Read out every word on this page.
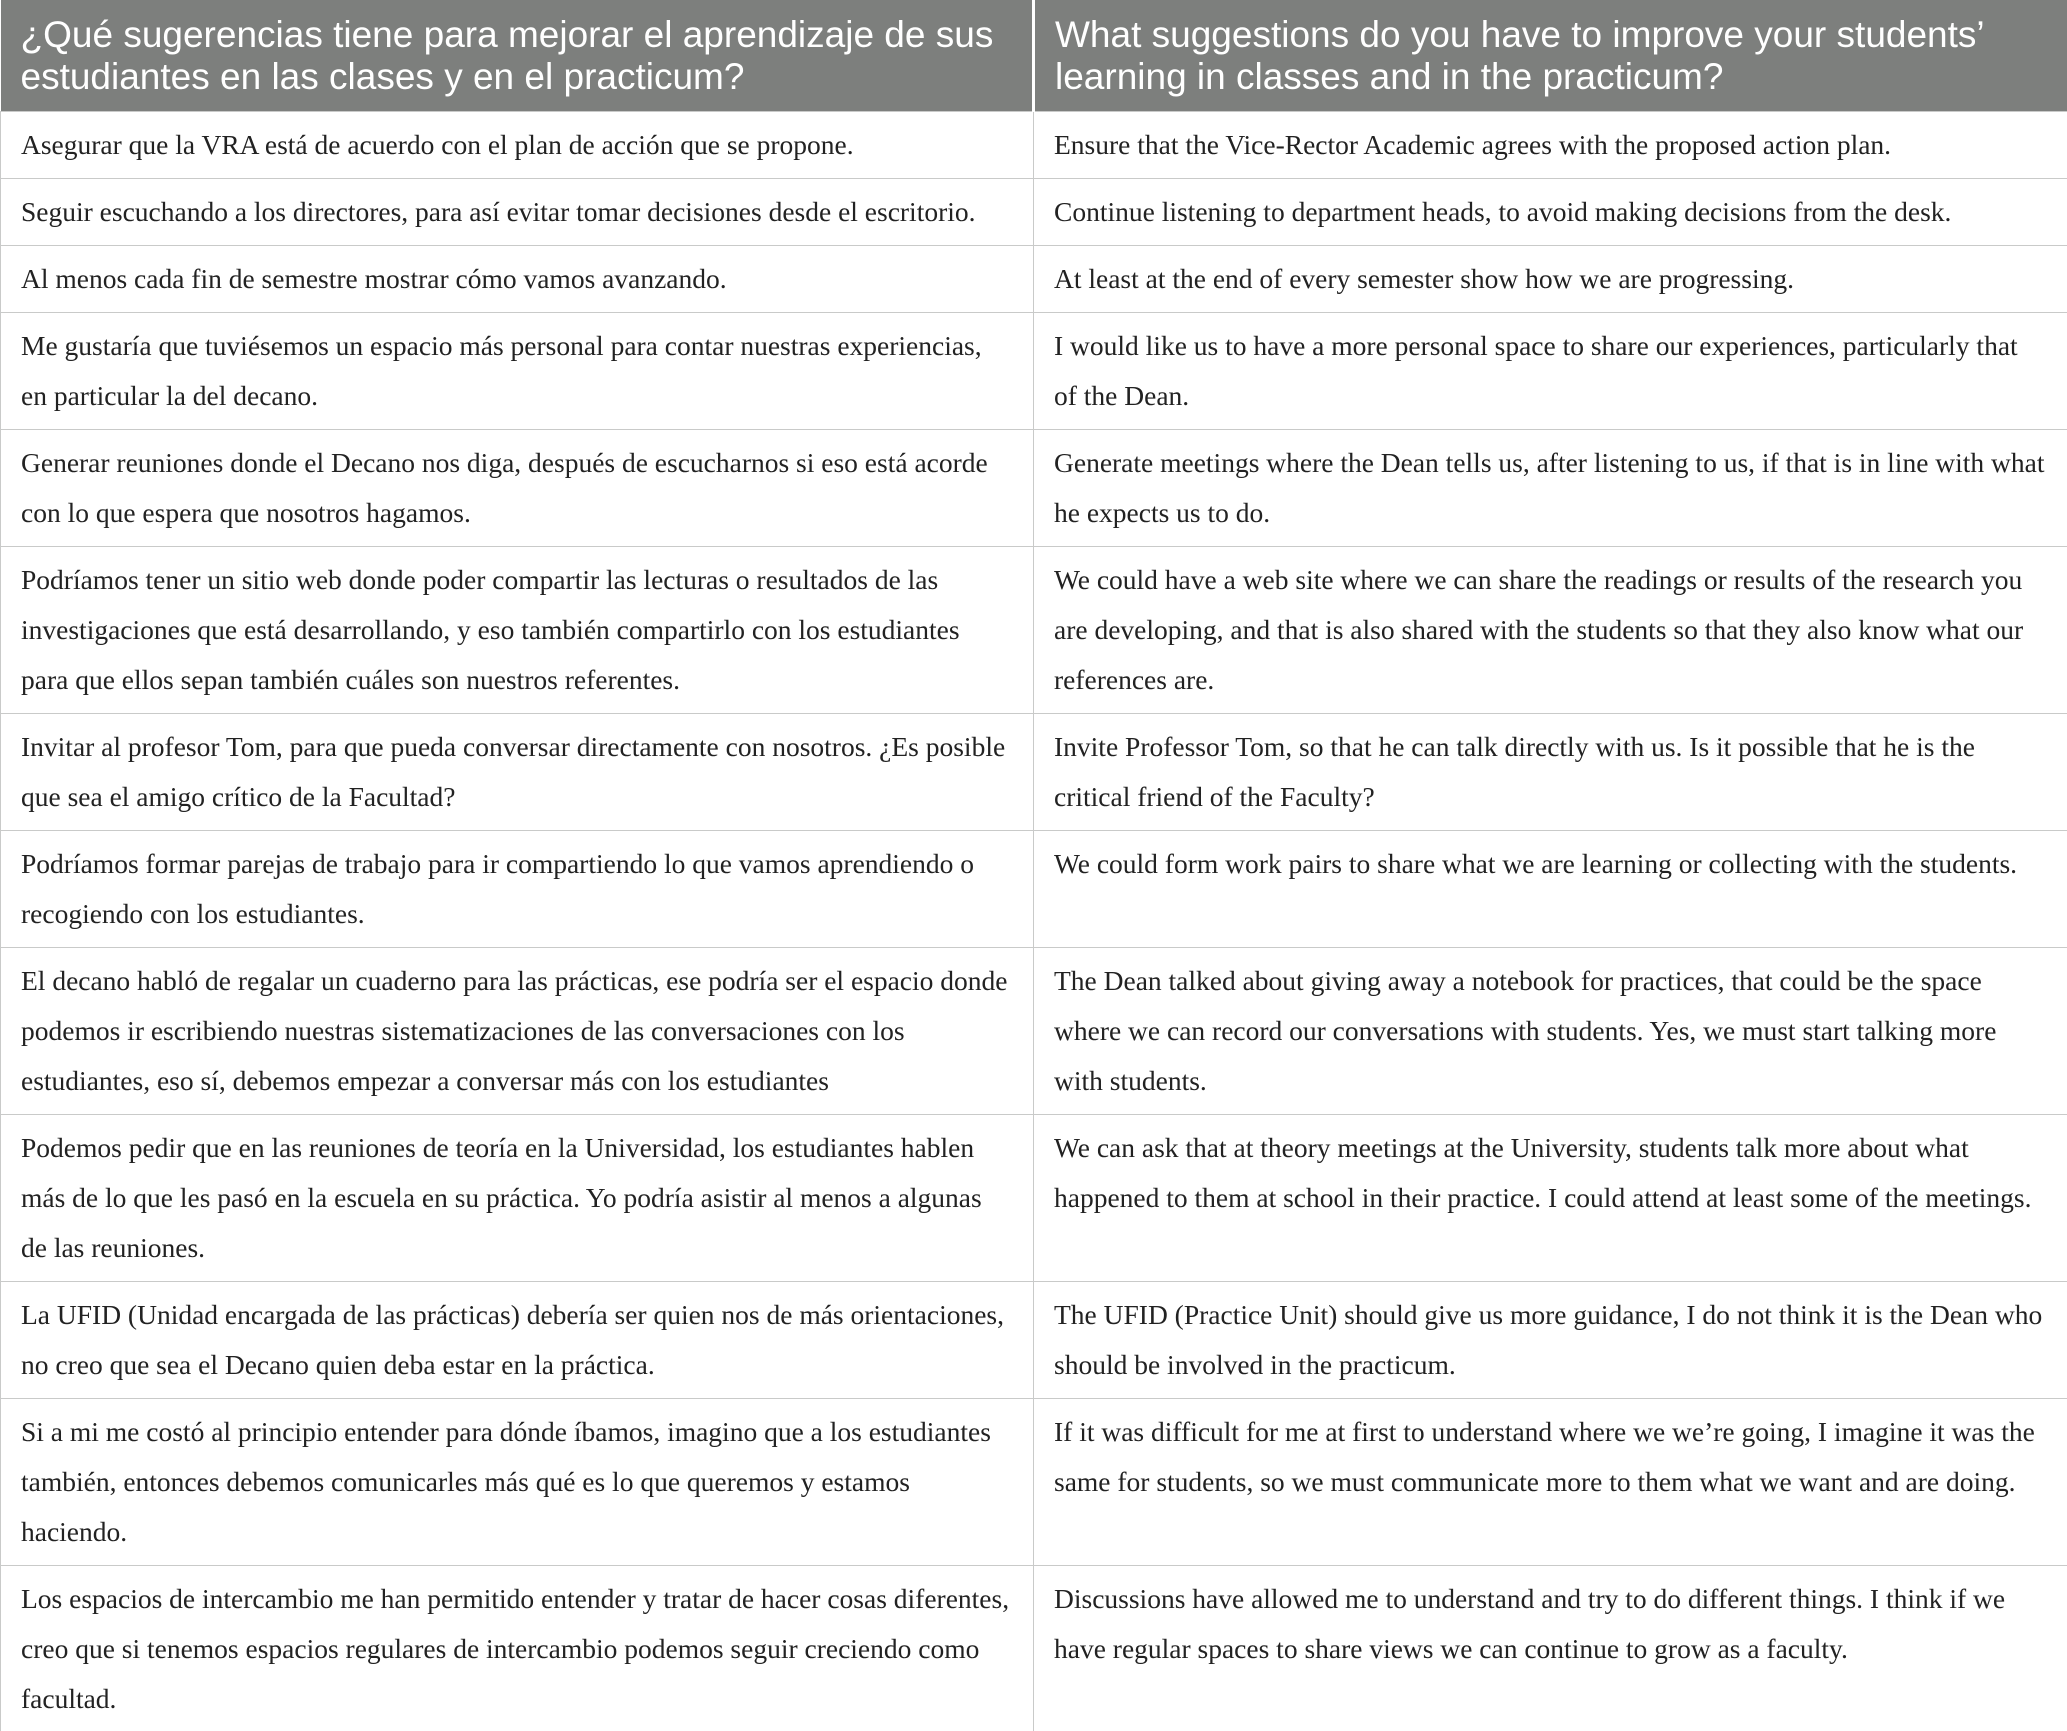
¿Qué sugerencias tiene para mejorar el aprendizaje de sus estudiantes en las clases y en el practicum?	What suggestions do you have to improve your students’ learning in classes and in the practicum?
Asegurar que la VRA está de acuerdo con el plan de acción que se propone.	Ensure that the Vice-Rector Academic agrees with the proposed action plan.
Seguir escuchando a los directores, para así evitar tomar decisiones desde el escritorio.	Continue listening to department heads, to avoid making decisions from the desk.
Al menos cada fin de semestre mostrar cómo vamos avanzando.	At least at the end of every semester show how we are progressing.
Me gustaría que tuviésemos un espacio más personal para contar nuestras experiencias, en particular la del decano.	I would like us to have a more personal space to share our experiences, particularly that of the Dean.
Generar reuniones donde el Decano nos diga, después de escucharnos si eso está acorde con lo que espera que nosotros hagamos.	Generate meetings where the Dean tells us, after listening to us, if that is in line with what he expects us to do.
Podríamos tener un sitio web donde poder compartir las lecturas o resultados de las investigaciones que está desarrollando, y eso también compartirlo con los estudiantes para que ellos sepan también cuáles son nuestros referentes.	We could have a web site where we can share the readings or results of the research you are developing, and that is also shared with the students so that they also know what our references are.
Invitar al profesor Tom, para que pueda conversar directamente con nosotros. ¿Es posible que sea el amigo crítico de la Facultad?	Invite Professor Tom, so that he can talk directly with us. Is it possible that he is the critical friend of the Faculty?
Podríamos formar parejas de trabajo para ir compartiendo lo que vamos aprendiendo o recogiendo con los estudiantes.	We could form work pairs to share what we are learning or collecting with the students.
El decano habló de regalar un cuaderno para las prácticas, ese podría ser el espacio donde podemos ir escribiendo nuestras sistematizaciones de las conversaciones con los estudiantes, eso sí, debemos empezar a conversar más con los estudiantes	The Dean talked about giving away a notebook for practices, that could be the space where we can record our conversations with students. Yes, we must start talking more with students.
Podemos pedir que en las reuniones de teoría en la Universidad, los estudiantes hablen más de lo que les pasó en la escuela en su práctica. Yo podría asistir al menos a algunas de las reuniones.	We can ask that at theory meetings at the University, students talk more about what happened to them at school in their practice. I could attend at least some of the meetings.
La UFID (Unidad encargada de las prácticas) debería ser quien nos de más orientaciones, no creo que sea el Decano quien deba estar en la práctica.	The UFID (Practice Unit) should give us more guidance, I do not think it is the Dean who should be involved in the practicum.
Si a mi me costó al principio entender para dónde íbamos, imagino que a los estudiantes también, entonces debemos comunicarles más qué es lo que queremos y estamos haciendo.	If it was difficult for me at first to understand where we we’re going, I imagine it was the same for students, so we must communicate more to them what we want and are doing.
Los espacios de intercambio me han permitido entender y tratar de hacer cosas diferentes, creo que si tenemos espacios regulares de intercambio podemos seguir creciendo como facultad.	Discussions have allowed me to understand and try to do different things. I think if we have regular spaces to share views we can continue to grow as a faculty.
